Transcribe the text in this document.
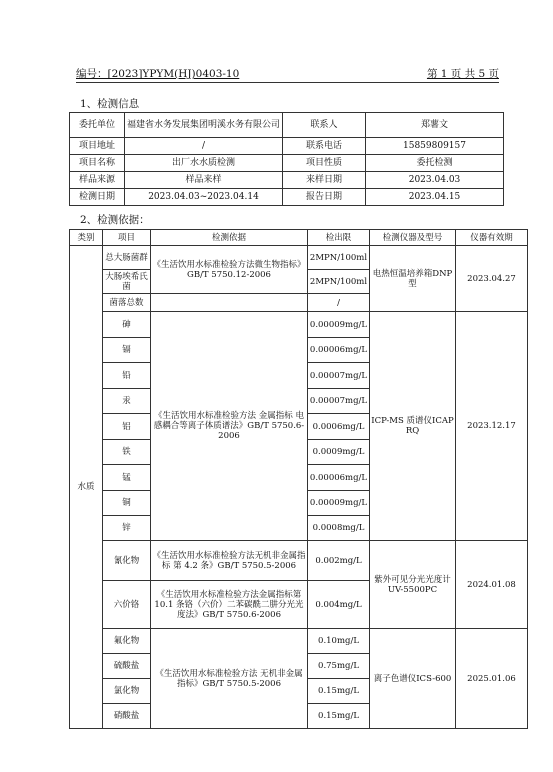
编号：[2023]YPYM(HJ)0403-10	第 1 页 共 5 页
1、检测信息
委托单位	福建省水务发展集团明溪水务有限公司	联系人	郑薯文
项目地址	/	联系电话	15859809157
项目名称	出厂水水质检测	项目性质	委托检测
样品来源	样品来样	来样日期	2023.04.03
检测日期	2023.04.03~2023.04.14	报告日期	2023.04.15
2、检测依据：
类别	项目	检测依据	检出限	检测仪器及型号	仪器有效期
水质	总大肠菌群	《生活饮用水标准检验方法微生物指标》GB/T 5750.12-2006	2MPN/100ml	电热恒温培养箱DNP 型	2023.04.27
	大肠埃希氏菌		2MPN/100ml		
	菌落总数		/		
	砷	《生活饮用水标准检验方法 金属指标 电感耦合等离子体质谱法》GB/T 5750.6-2006	0.00009mg/L	ICP-MS 质谱仪ICAP RQ	2023.12.17
	镉		0.00006mg/L		
	铅		0.00007mg/L		
	汞		0.00007mg/L		
	铝		0.0006mg/L		
	铁		0.0009mg/L		
	锰		0.00006mg/L		
	铜		0.00009mg/L		
	锌		0.0008mg/L		
	氰化物	《生活饮用水标准检验方法无机非金属指标 第 4.2 条》GB/T 5750.5-2006	0.002mg/L	紫外可见分光光度计 UV-5500PC	2024.01.08
	六价铬	《生活饮用水标准检验方法金属指标第 10.1 条铬（六价）二苯碳酰二肼分光光度法》GB/T 5750.6-2006	0.004mg/L		
	氟化物	《生活饮用水标准检验方法 无机非金属指标》GB/T 5750.5-2006	0.10mg/L	离子色谱仪ICS-600	2025.01.06
	硫酸盐		0.75mg/L		
	氯化物		0.15mg/L		
	硝酸盐		0.15mg/L		
